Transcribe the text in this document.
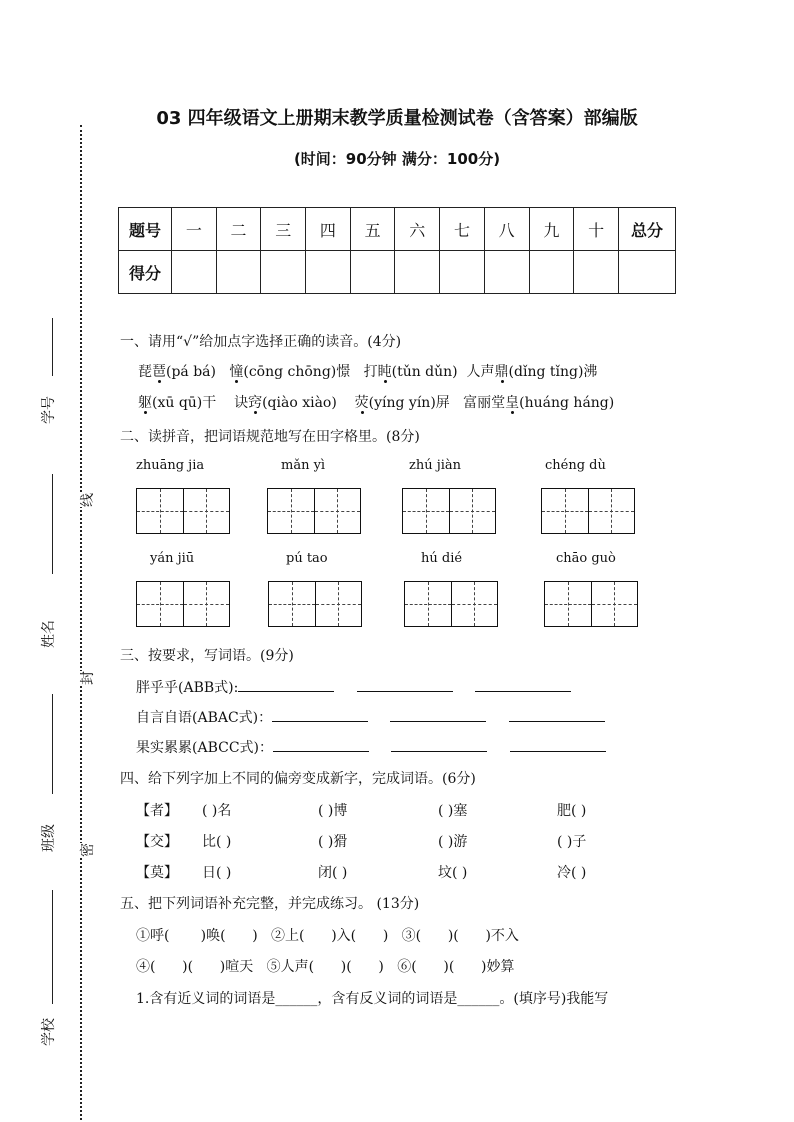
学号
姓名
班级
学校
线
封
密
03 四年级语文上册期末教学质量检测试卷（含答案）部编版
(时间：90分钟 满分：100分)
题号	一	二	三	四	五	六	七	八	九	十	总分
得分											
一、请用“√”给加点字选择正确的读音。(4分)
琵琶(pá bá) 憧(cōng chōng)憬 打盹(tǔn dǔn) 人声鼎(dǐng tǐng)沸
躯(xū qū)干 诀窍(qiào xiào) 荧(yíng yín)屏 富丽堂皇(huáng háng)
二、读拼音，把词语规范地写在田字格里。(8分)
zhuāng jia	mǎn yì	zhú jiàn	chéng dù
yán jiū	pú tao	hú dié	chāo guò
三、按要求，写词语。(9分)
胖乎乎(ABB式):
自言自语(ABAC式)：
果实累累(ABCC式)：
四、给下列字加上不同的偏旁变成新字，完成词语。(6分)
【者】 ( )名	( )博	( )塞	肥( )
【交】 比( )	( )猾	( )游	( )子
【莫】 日( )	闭( )	坟( )	冷( )
五、把下列词语补充完整，并完成练习。 (13分)
①呼(       )唤(      )   ②上(      )入(      )   ③(      )(      )不入
④(      )(      )喧天   ⑤人声(      )(      )   ⑥(      )(      )妙算
1.含有近义词的词语是______，含有反义词的词语是______。(填序号)我能写
